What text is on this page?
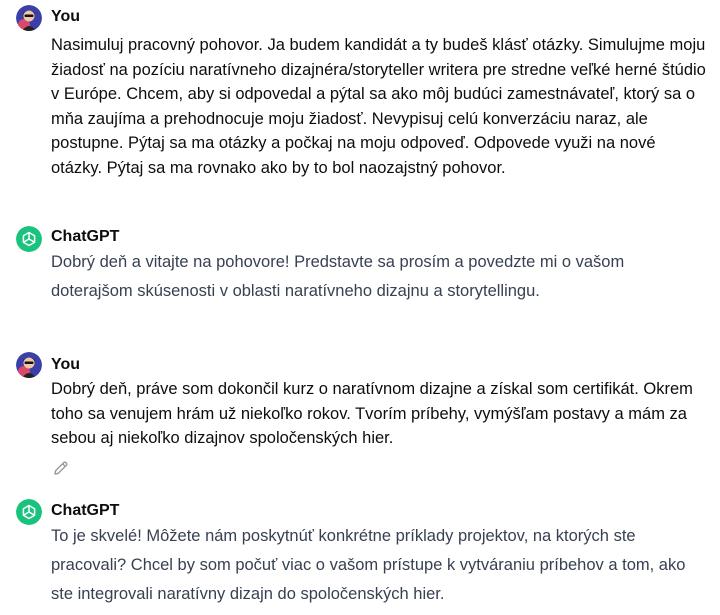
You
Nasimuluj pracovný pohovor. Ja budem kandidát a ty budeš klásť otázky. Simulujme moju žiadosť na pozíciu naratívneho dizajnéra/storyteller writera pre stredne veľké herné štúdio v Európe. Chcem, aby si odpovedal a pýtal sa ako môj budúci zamestnávateľ, ktorý sa o mňa zaujíma a prehodnocuje moju žiadosť. Nevypisuj celú konverzáciu naraz, ale postupne. Pýtaj sa ma otázky a počkaj na moju odpoveď. Odpovede využi na nové otázky. Pýtaj sa ma rovnako ako by to bol naozajstný pohovor.
ChatGPT
Dobrý deň a vitajte na pohovore! Predstavte sa prosím a povedzte mi o vašom doterajšom skúsenosti v oblasti naratívneho dizajnu a storytellingu.
You
Dobrý deň, práve som dokončil kurz o naratívnom dizajne a získal som certifikát. Okrem toho sa venujem hrám už niekoľko rokov. Tvorím príbehy, vymýšľam postavy a mám za sebou aj niekoľko dizajnov spoločenských hier.
ChatGPT
To je skvelé! Môžete nám poskytnúť konkrétne príklady projektov, na ktorých ste pracovali? Chcel by som počuť viac o vašom prístupe k vytváraniu príbehov a tom, ako ste integrovali naratívny dizajn do spoločenských hier.
